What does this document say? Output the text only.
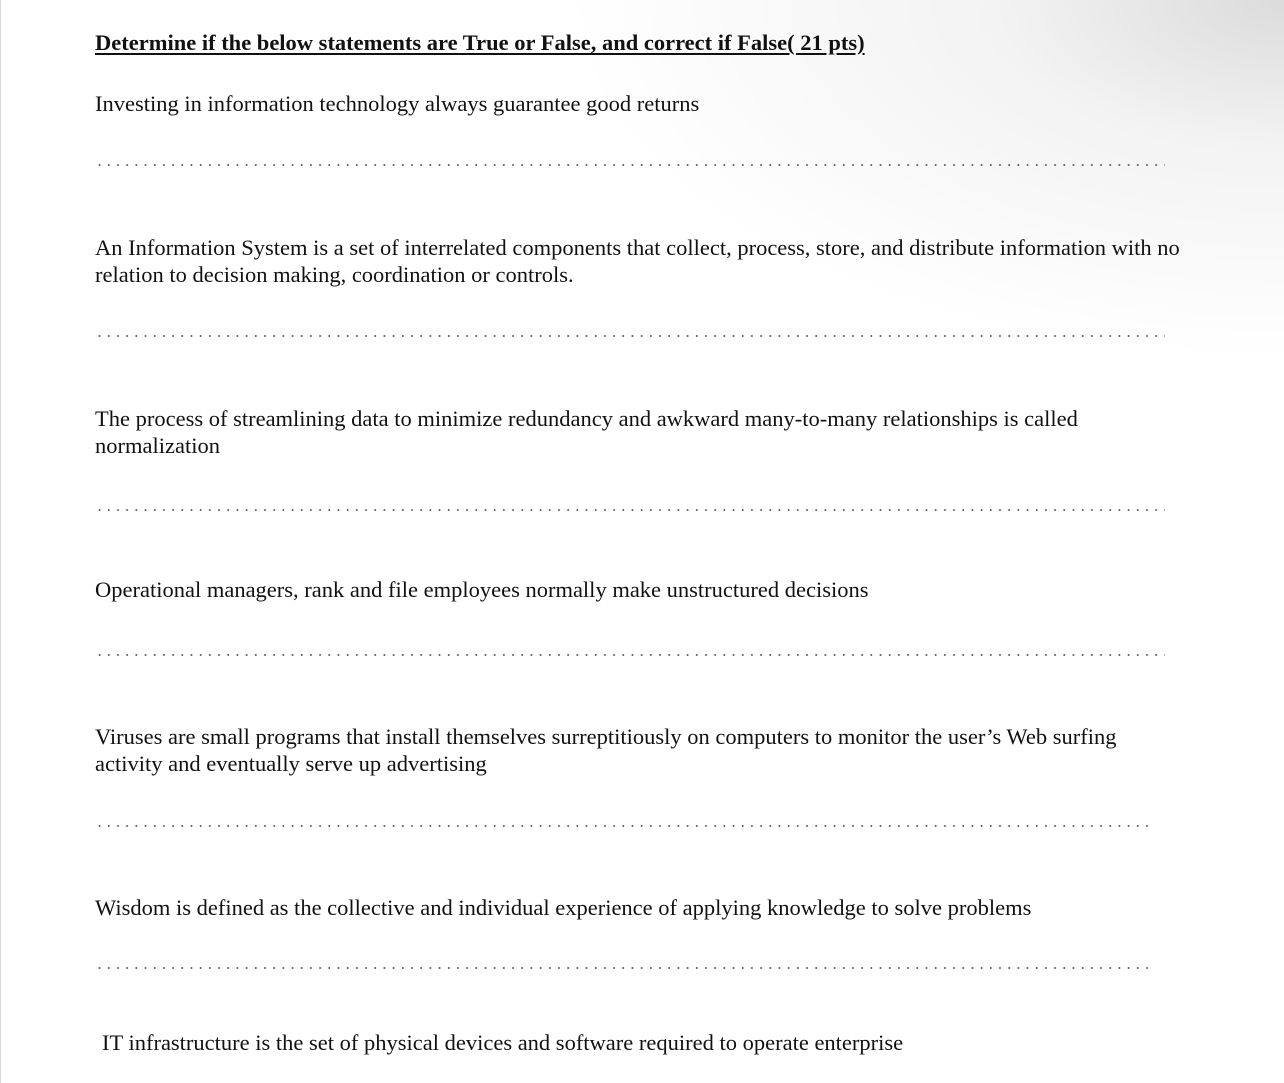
Determine if the below statements are True or False, and correct if False( 21 pts)

Investing in information technology always guarantee good returns

An Information System is a set of interrelated components that collect, process, store, and distribute information with no relation to decision making, coordination or controls.

The process of streamlining data to minimize redundancy and awkward many-to-many relationships is called normalization

Operational managers, rank and file employees normally make unstructured decisions

Viruses are small programs that install themselves surreptitiously on computers to monitor the user’s Web surfing activity and eventually serve up advertising

Wisdom is defined as the collective and individual experience of applying knowledge to solve problems

IT infrastructure is the set of physical devices and software required to operate enterprise
